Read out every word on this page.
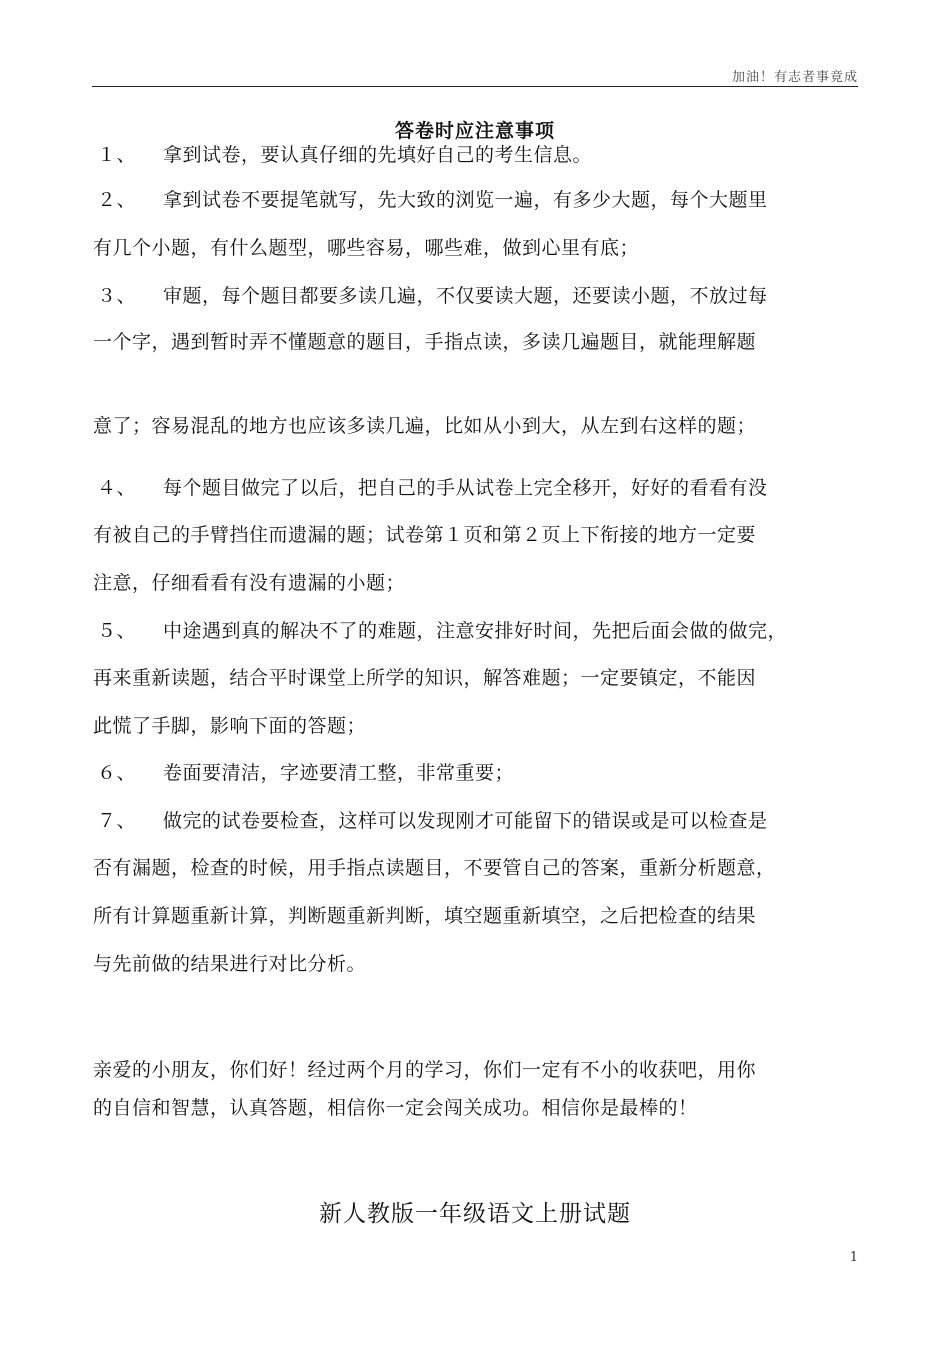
加油！有志者事竟成
答卷时应注意事项
１、 拿到试卷，要认真仔细的先填好自己的考生信息。
２、 拿到试卷不要提笔就写，先大致的浏览一遍，有多少大题，每个大题里
有几个小题，有什么题型，哪些容易，哪些难，做到心里有底；
３、 审题，每个题目都要多读几遍，不仅要读大题，还要读小题，不放过每
一个字，遇到暂时弄不懂题意的题目，手指点读，多读几遍题目，就能理解题
意了；容易混乱的地方也应该多读几遍，比如从小到大，从左到右这样的题；
４、 每个题目做完了以后，把自己的手从试卷上完全移开，好好的看看有没
有被自己的手臂挡住而遗漏的题；试卷第１页和第２页上下衔接的地方一定要
注意，仔细看看有没有遗漏的小题；
５、 中途遇到真的解决不了的难题，注意安排好时间，先把后面会做的做完，
再来重新读题，结合平时课堂上所学的知识，解答难题；一定要镇定，不能因
此慌了手脚，影响下面的答题；
６、 卷面要清洁，字迹要清工整，非常重要；
７、 做完的试卷要检查，这样可以发现刚才可能留下的错误或是可以检查是
否有漏题，检查的时候，用手指点读题目，不要管自己的答案，重新分析题意，
所有计算题重新计算，判断题重新判断，填空题重新填空，之后把检查的结果
与先前做的结果进行对比分析。
亲爱的小朋友，你们好！经过两个月的学习，你们一定有不小的收获吧，用你
的自信和智慧，认真答题，相信你一定会闯关成功。相信你是最棒的！
新人教版一年级语文上册试题
1
